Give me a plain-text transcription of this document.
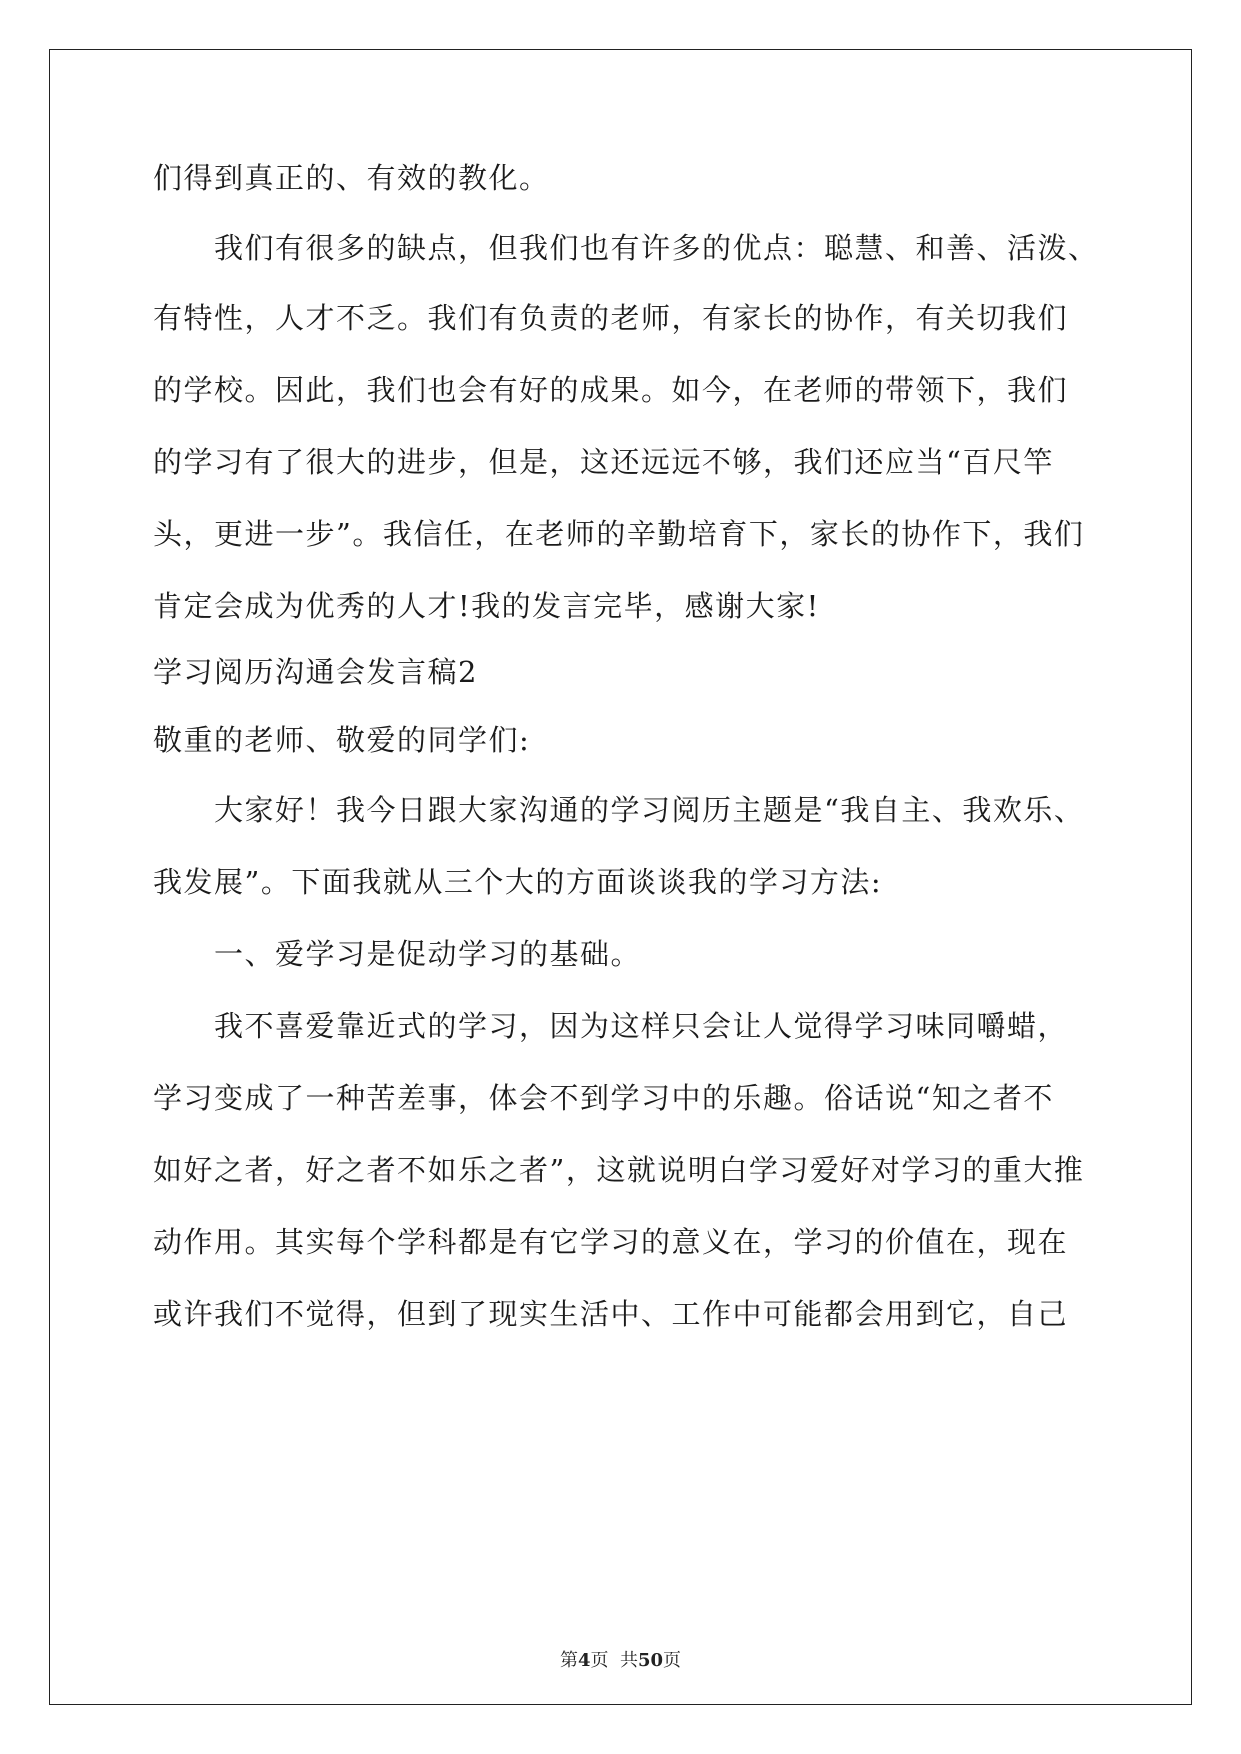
们得到真正的、有效的教化。
我们有很多的缺点，但我们也有许多的优点：聪慧、和善、活泼、
有特性，人才不乏。我们有负责的老师，有家长的协作，有关切我们
的学校。因此，我们也会有好的成果。如今，在老师的带领下，我们
的学习有了很大的进步，但是，这还远远不够，我们还应当“百尺竿
头，更进一步”。我信任，在老师的辛勤培育下，家长的协作下，我们
肯定会成为优秀的人才!我的发言完毕，感谢大家!
学习阅历沟通会发言稿2
敬重的老师、敬爱的同学们:
大家好！我今日跟大家沟通的学习阅历主题是“我自主、我欢乐、
我发展”。下面我就从三个大的方面谈谈我的学习方法:
一、爱学习是促动学习的基础。
我不喜爱靠近式的学习，因为这样只会让人觉得学习味同嚼蜡，
学习变成了一种苦差事，体会不到学习中的乐趣。俗话说“知之者不
如好之者，好之者不如乐之者”，这就说明白学习爱好对学习的重大推
动作用。其实每个学科都是有它学习的意义在，学习的价值在，现在
或许我们不觉得，但到了现实生活中、工作中可能都会用到它，自己
第4页  共50页
